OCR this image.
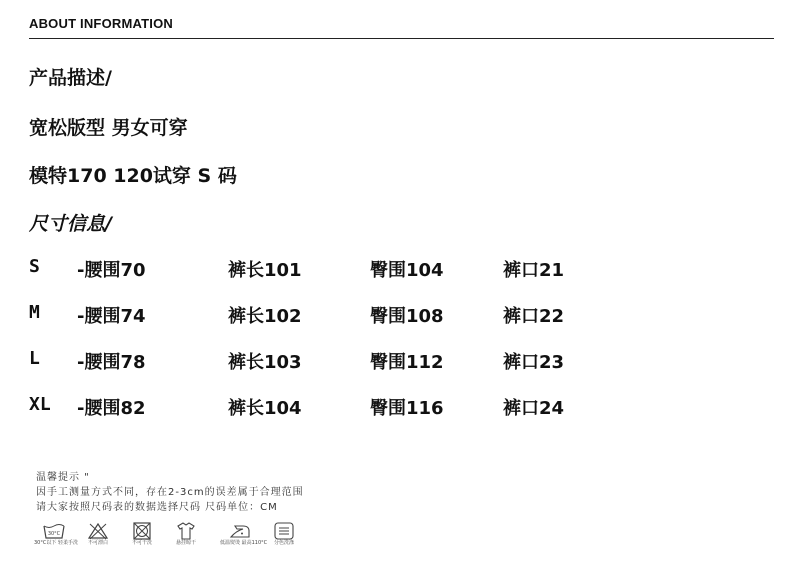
ABOUT INFORMATION
产品描述/
宽松版型 男女可穿
模特170 120试穿 S 码
尺寸信息/
S -腰围70	裤长101	臀围104	裤口21
M -腰围74	裤长102	臀围108	裤口22
L -腰围78	裤长103	臀围112	裤口23
XL -腰围82	裤长104	臀围116	裤口24
温馨提示 "
因手工测量方式不同，存在2-3cm的误差属于合理范围
请大家按照尺码表的数据选择尺码 尺码单位：CM
30°C
30°C以下 轻柔手洗	不可漂白	不可干洗	悬挂晾干	低温熨烫 最高110°C	分色洗涤
